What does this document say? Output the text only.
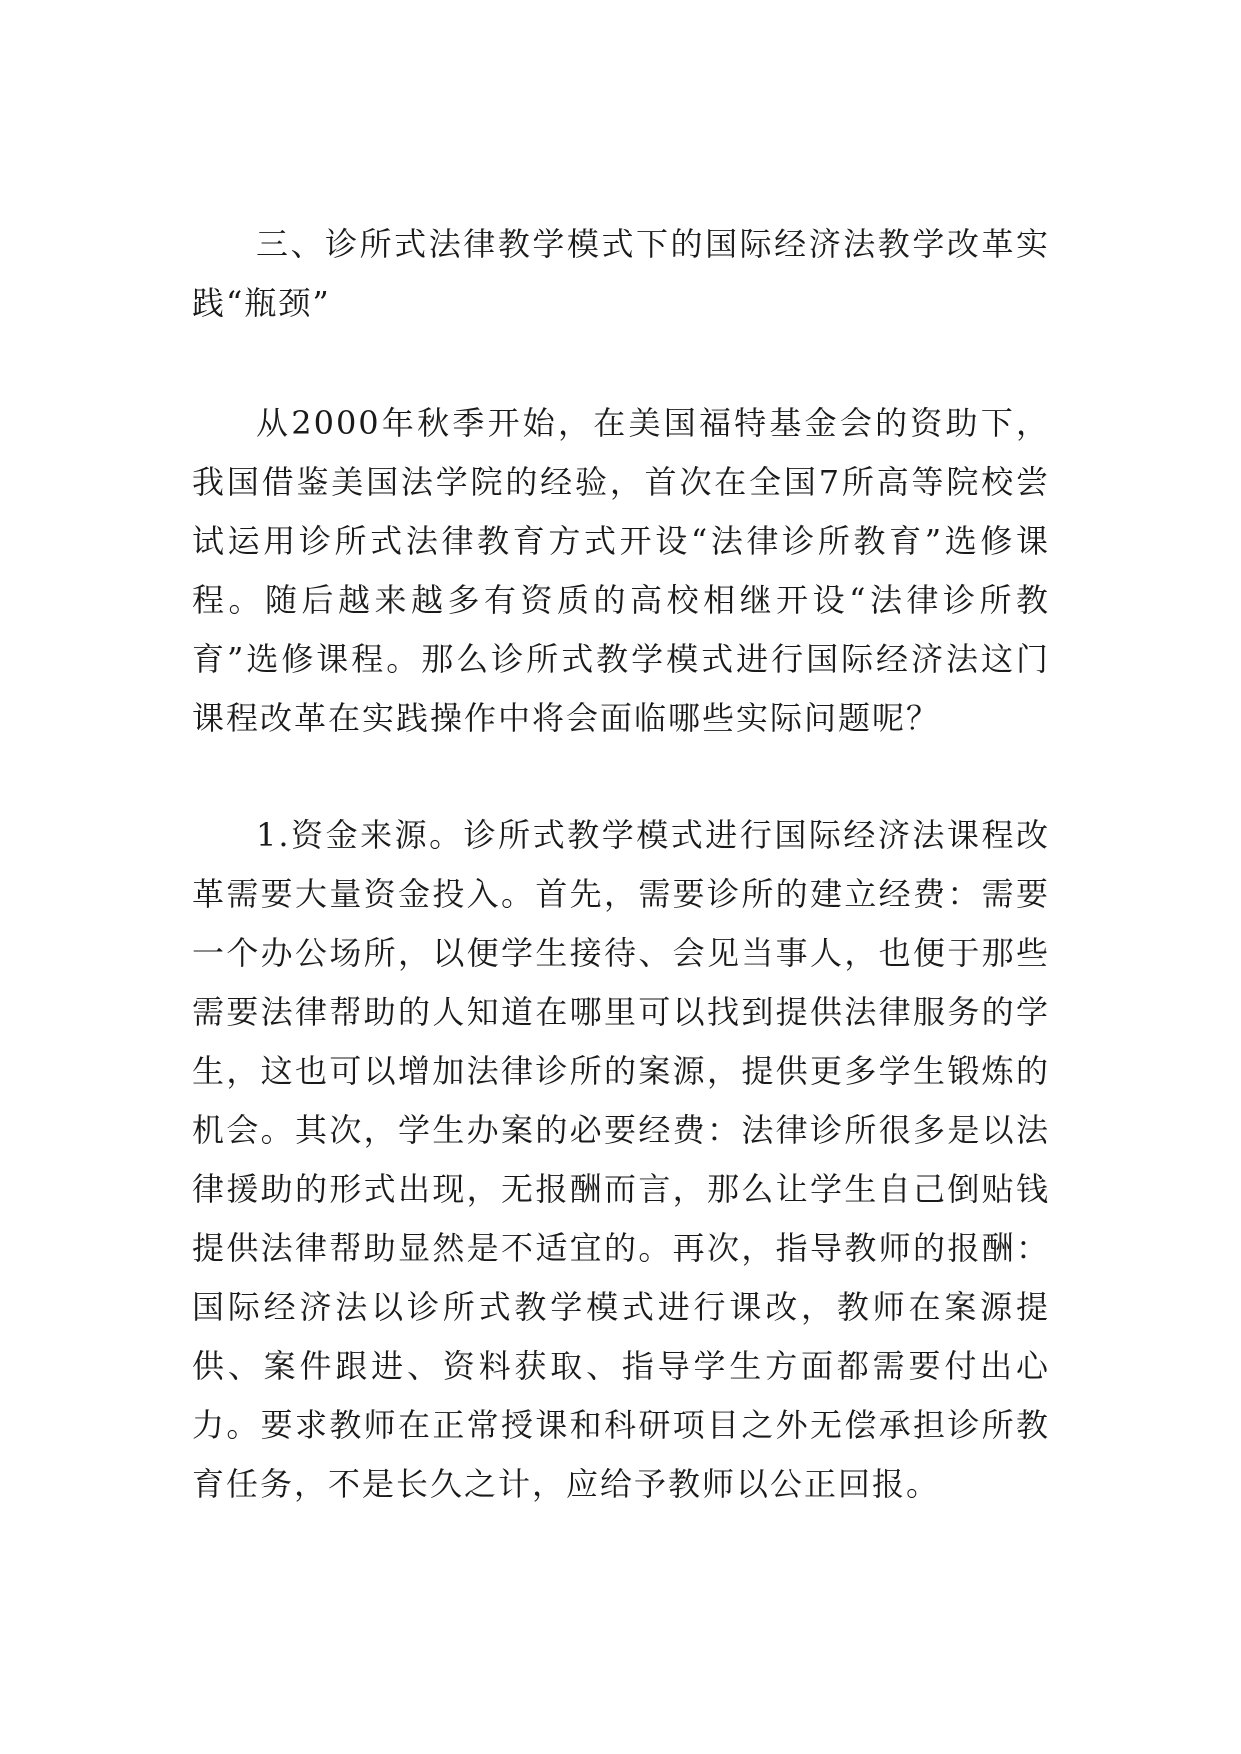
三、诊所式法律教学模式下的国际经济法教学改革实践“瓶颈”

从2000年秋季开始，在美国福特基金会的资助下，我国借鉴美国法学院的经验，首次在全国7所高等院校尝试运用诊所式法律教育方式开设“法律诊所教育”选修课程。随后越来越多有资质的高校相继开设“法律诊所教育”选修课程。那么诊所式教学模式进行国际经济法这门课程改革在实践操作中将会面临哪些实际问题呢？

1.资金来源。诊所式教学模式进行国际经济法课程改革需要大量资金投入。首先，需要诊所的建立经费：需要一个办公场所，以便学生接待、会见当事人，也便于那些需要法律帮助的人知道在哪里可以找到提供法律服务的学生，这也可以增加法律诊所的案源，提供更多学生锻炼的机会。其次，学生办案的必要经费：法律诊所很多是以法律援助的形式出现，无报酬而言，那么让学生自己倒贴钱提供法律帮助显然是不适宜的。再次，指导教师的报酬：国际经济法以诊所式教学模式进行课改，教师在案源提供、案件跟进、资料获取、指导学生方面都需要付出心力。要求教师在正常授课和科研项目之外无偿承担诊所教育任务，不是长久之计，应给予教师以公正回报。
